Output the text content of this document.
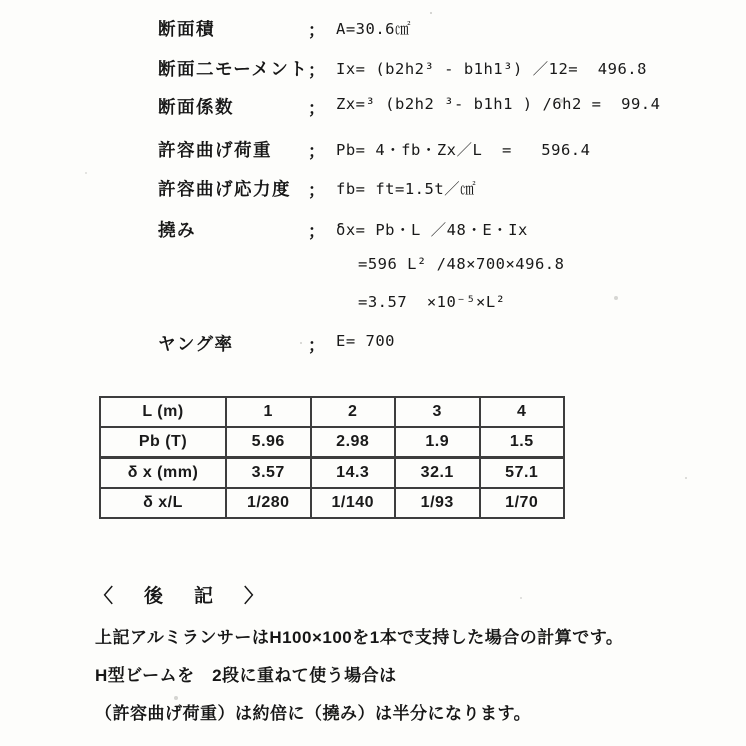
断面積	； A=30.6㎠
断面二モーメント ； Ix= (b2h2³ - b1h1³) ／12=  496.8
断面係数	； Zx=³ (b2h2 ³- b1h1 ) /6h2 =  99.4
許容曲げ荷重 ； Pb= 4・fb・Zx／L  =   596.4
許容曲げ応力度 ； fb= ft=1.5t／㎠
撓み	； δx= Pb・L ／48・E・Ix
=596 L² /48×700×496.8
=3.57  ×10⁻⁵×L²
ヤング率	； E= 700
L (m)	1	2	3	4
Pb (T)	5.96	2.98	1.9	1.5
δ x (mm)	3.57	14.3	32.1	57.1
δ x/L	1/280	1/140	1/93	1/70
〈　後　記　〉
上記アルミランサーはH100×100を1本で支持した場合の計算です。
H型ビームを　2段に重ねて使う場合は
（許容曲げ荷重）は約倍に（撓み）は半分になります。
